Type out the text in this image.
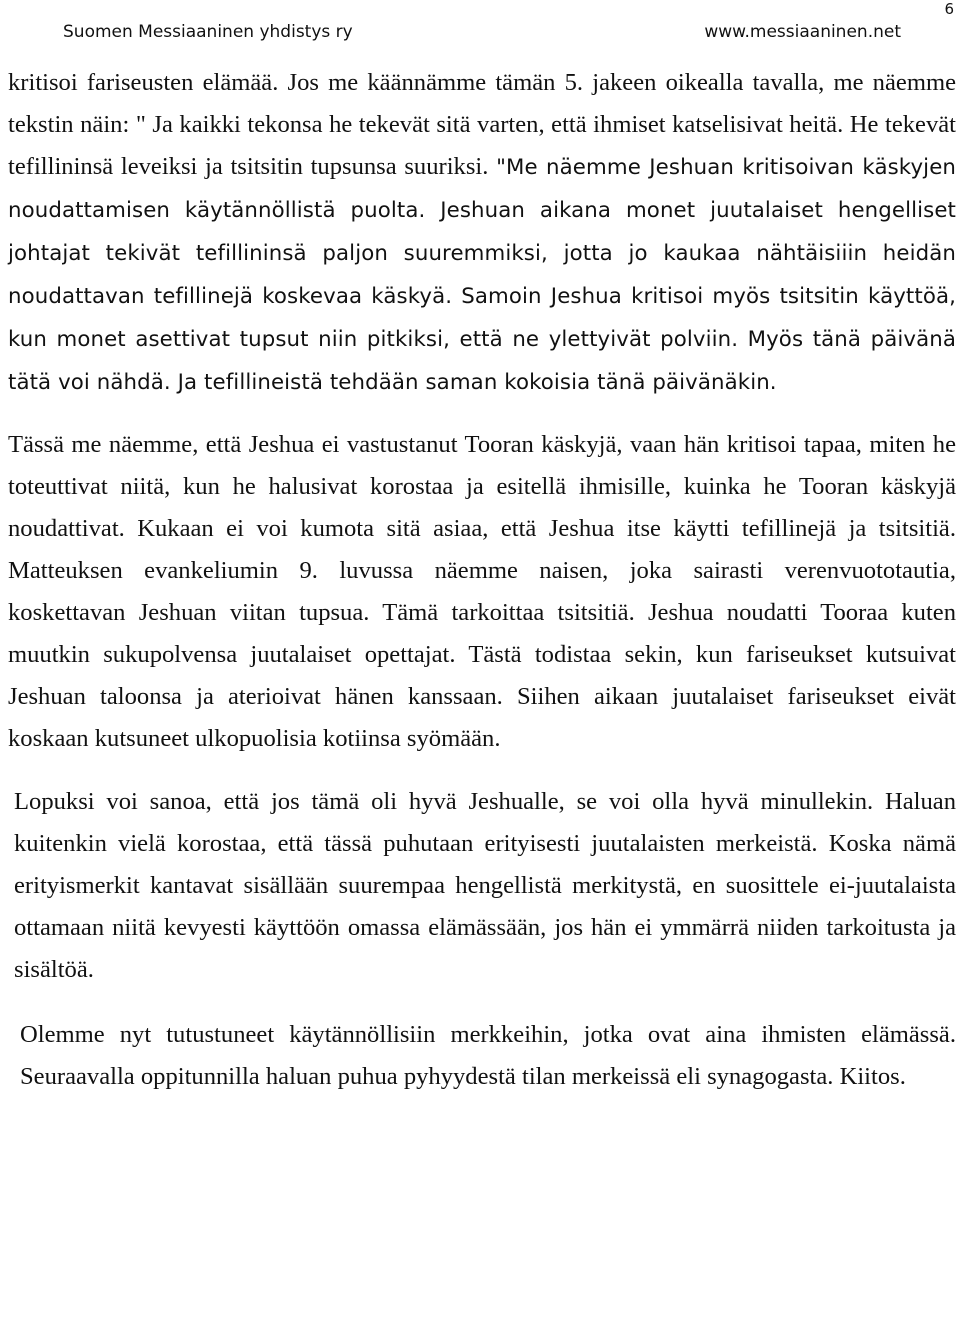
6
Suomen Messiaaninen yhdistys ry	www.messiaaninen.net

kritisoi fariseusten elämää. Jos me käännämme tämän 5. jakeen oikealla tavalla, me näemme tekstin näin: " Ja kaikki tekonsa he tekevät sitä varten, että ihmiset katselisivat heitä. He tekevät tefillininsä leveiksi ja tsitsitin tupsunsa suuriksi. "Me näemme Jeshuan kritisoivan käskyjen noudattamisen käytännöllistä puolta. Jeshuan aikana monet juutalaiset hengelliset johtajat tekivät tefillininsä paljon suuremmiksi, jotta jo kaukaa nähtäisiiin heidän noudattavan tefillinejä koskevaa käskyä. Samoin Jeshua kritisoi myös tsitsitin käyttöä, kun monet asettivat tupsut niin pitkiksi, että ne ylettyivät polviin. Myös tänä päivänä tätä voi nähdä. Ja tefillineistä tehdään saman kokoisia tänä päivänäkin.

Tässä me näemme, että Jeshua ei vastustanut Tooran käskyjä, vaan hän kritisoi tapaa, miten he toteuttivat niitä, kun he halusivat korostaa ja esitellä ihmisille, kuinka he Tooran käskyjä noudattivat. Kukaan ei voi kumota sitä asiaa, että Jeshua itse käytti tefillinejä ja tsitsitiä. Matteuksen evankeliumin 9. luvussa näemme naisen, joka sairasti verenvuototautia, koskettavan Jeshuan viitan tupsua. Tämä tarkoittaa tsitsitiä. Jeshua noudatti Tooraa kuten muutkin sukupolvensa juutalaiset opettajat. Tästä todistaa sekin, kun fariseukset kutsuivat Jeshuan taloonsa ja aterioivat hänen kanssaan. Siihen aikaan juutalaiset fariseukset eivät koskaan kutsuneet ulkopuolisia kotiinsa syömään.

Lopuksi voi sanoa, että jos tämä oli hyvä Jeshualle, se voi olla hyvä minullekin. Haluan kuitenkin vielä korostaa, että tässä puhutaan erityisesti juutalaisten merkeistä. Koska nämä erityismerkit kantavat sisällään suurempaa hengellistä merkitystä, en suosittele ei-juutalaista ottamaan niitä kevyesti käyttöön omassa elämässään, jos hän ei ymmärrä niiden tarkoitusta ja sisältöä.

Olemme nyt tutustuneet käytännöllisiin merkkeihin, jotka ovat aina ihmisten elämässä. Seuraavalla oppitunnilla haluan puhua pyhyydestä tilan merkeissä eli synagogasta. Kiitos.
